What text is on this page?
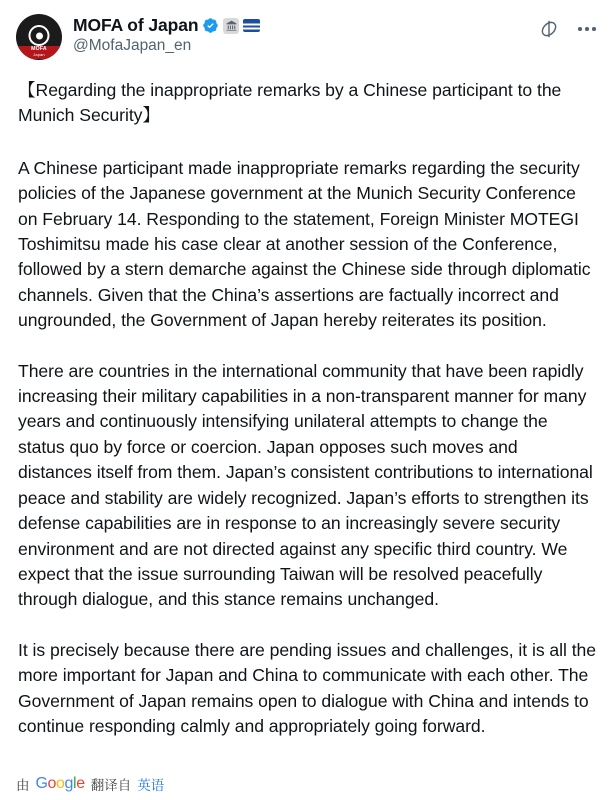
MOFA
Japan
MOFA of Japan
@MofaJapan_en

【Regarding the inappropriate remarks by a Chinese participant to the Munich Security】

A Chinese participant made inappropriate remarks regarding the security policies of the Japanese government at the Munich Security Conference on February 14. Responding to the statement, Foreign Minister MOTEGI Toshimitsu made his case clear at another session of the Conference, followed by a stern demarche against the Chinese side through diplomatic channels. Given that the China’s assertions are factually incorrect and ungrounded, the Government of Japan hereby reiterates its position.

There are countries in the international community that have been rapidly increasing their military capabilities in a non-transparent manner for many years and continuously intensifying unilateral attempts to change the status quo by force or coercion. Japan opposes such moves and distances itself from them. Japan’s consistent contributions to international peace and stability are widely recognized. Japan’s efforts to strengthen its defense capabilities are in response to an increasingly severe security environment and are not directed against any specific third country. We expect that the issue surrounding Taiwan will be resolved peacefully through dialogue, and this stance remains unchanged.

It is precisely because there are pending issues and challenges, it is all the more important for Japan and China to communicate with each other. The Government of Japan remains open to dialogue with China and intends to continue responding calmly and appropriately going forward.

由 Google 翻译自 英语
